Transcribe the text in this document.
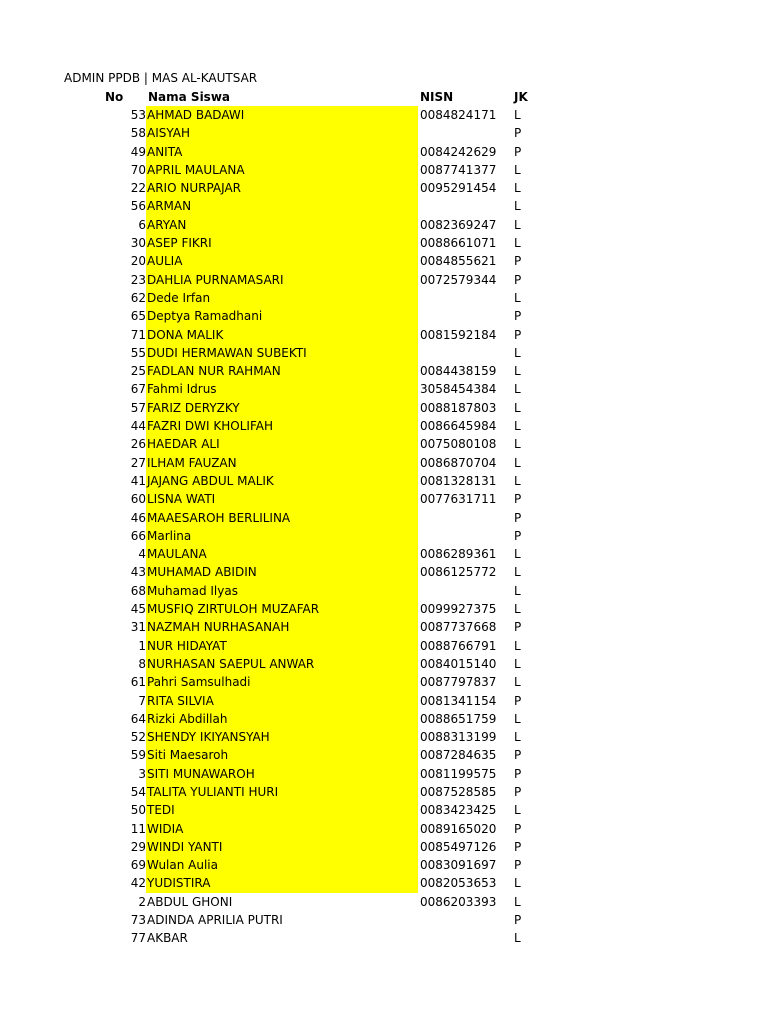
ADMIN PPDB | MAS AL-KAUTSAR
No Nama Siswa	NISN	JK
53 AHMAD BADAWI	0084824171	L
58 AISYAH	P
49 ANITA	0084242629	P
70 APRIL MAULANA	0087741377	L
22 ARIO NURPAJAR	0095291454	L
56 ARMAN	L
6 ARYAN	0082369247	L
30 ASEP FIKRI	0088661071	L
20 AULIA	0084855621	P
23 DAHLIA PURNAMASARI	0072579344	P
62 Dede Irfan	L
65 Deptya Ramadhani	P
71 DONA MALIK	0081592184	P
55 DUDI HERMAWAN SUBEKTI	L
25 FADLAN NUR RAHMAN	0084438159	L
67 Fahmi Idrus	3058454384	L
57 FARIZ DERYZKY	0088187803	L
44 FAZRI DWI KHOLIFAH	0086645984	L
26 HAEDAR ALI	0075080108	L
27 ILHAM FAUZAN	0086870704	L
41 JAJANG ABDUL MALIK	0081328131	L
60 LISNA WATI	0077631711	P
46 MAAESAROH BERLILINA	P
66 Marlina	P
4 MAULANA	0086289361	L
43 MUHAMAD ABIDIN	0086125772	L
68 Muhamad Ilyas	L
45 MUSFIQ ZIRTULOH MUZAFAR	0099927375	L
31 NAZMAH NURHASANAH	0087737668	P
1 NUR HIDAYAT	0088766791	L
8 NURHASAN SAEPUL ANWAR	0084015140	L
61 Pahri Samsulhadi	0087797837	L
7 RITA SILVIA	0081341154	P
64 Rizki Abdillah	0088651759	L
52 SHENDY IKIYANSYAH	0088313199	L
59 Siti Maesaroh	0087284635	P
3 SITI MUNAWAROH	0081199575	P
54 TALITA YULIANTI HURI	0087528585	P
50 TEDI	0083423425	L
11 WIDIA	0089165020	P
29 WINDI YANTI	0085497126	P
69 Wulan Aulia	0083091697	P
42 YUDISTIRA	0082053653	L
2 ABDUL GHONI	0086203393	L
73 ADINDA APRILIA PUTRI	P
77 AKBAR	L
